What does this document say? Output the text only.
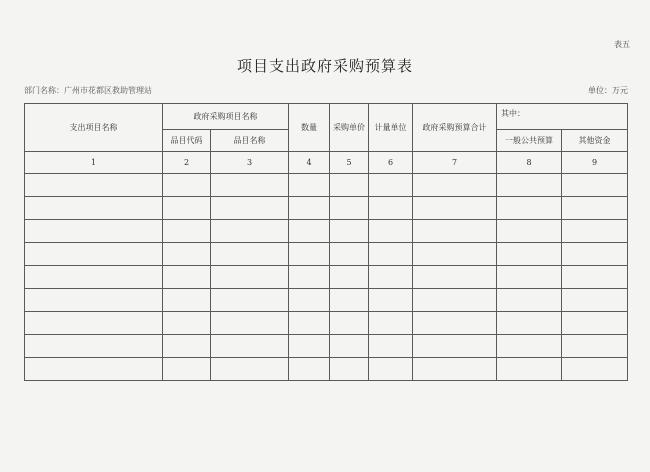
表五
项目支出政府采购预算表
部门名称：广州市花都区救助管理站	单位：万元
支出项目名称	政府采购项目名称		数量	采购单价	计量单位	政府采购预算合计	其中：	
	品目代码	品目名称					一般公共预算	其他资金
1	2	3	4	5	6	7	8	9
